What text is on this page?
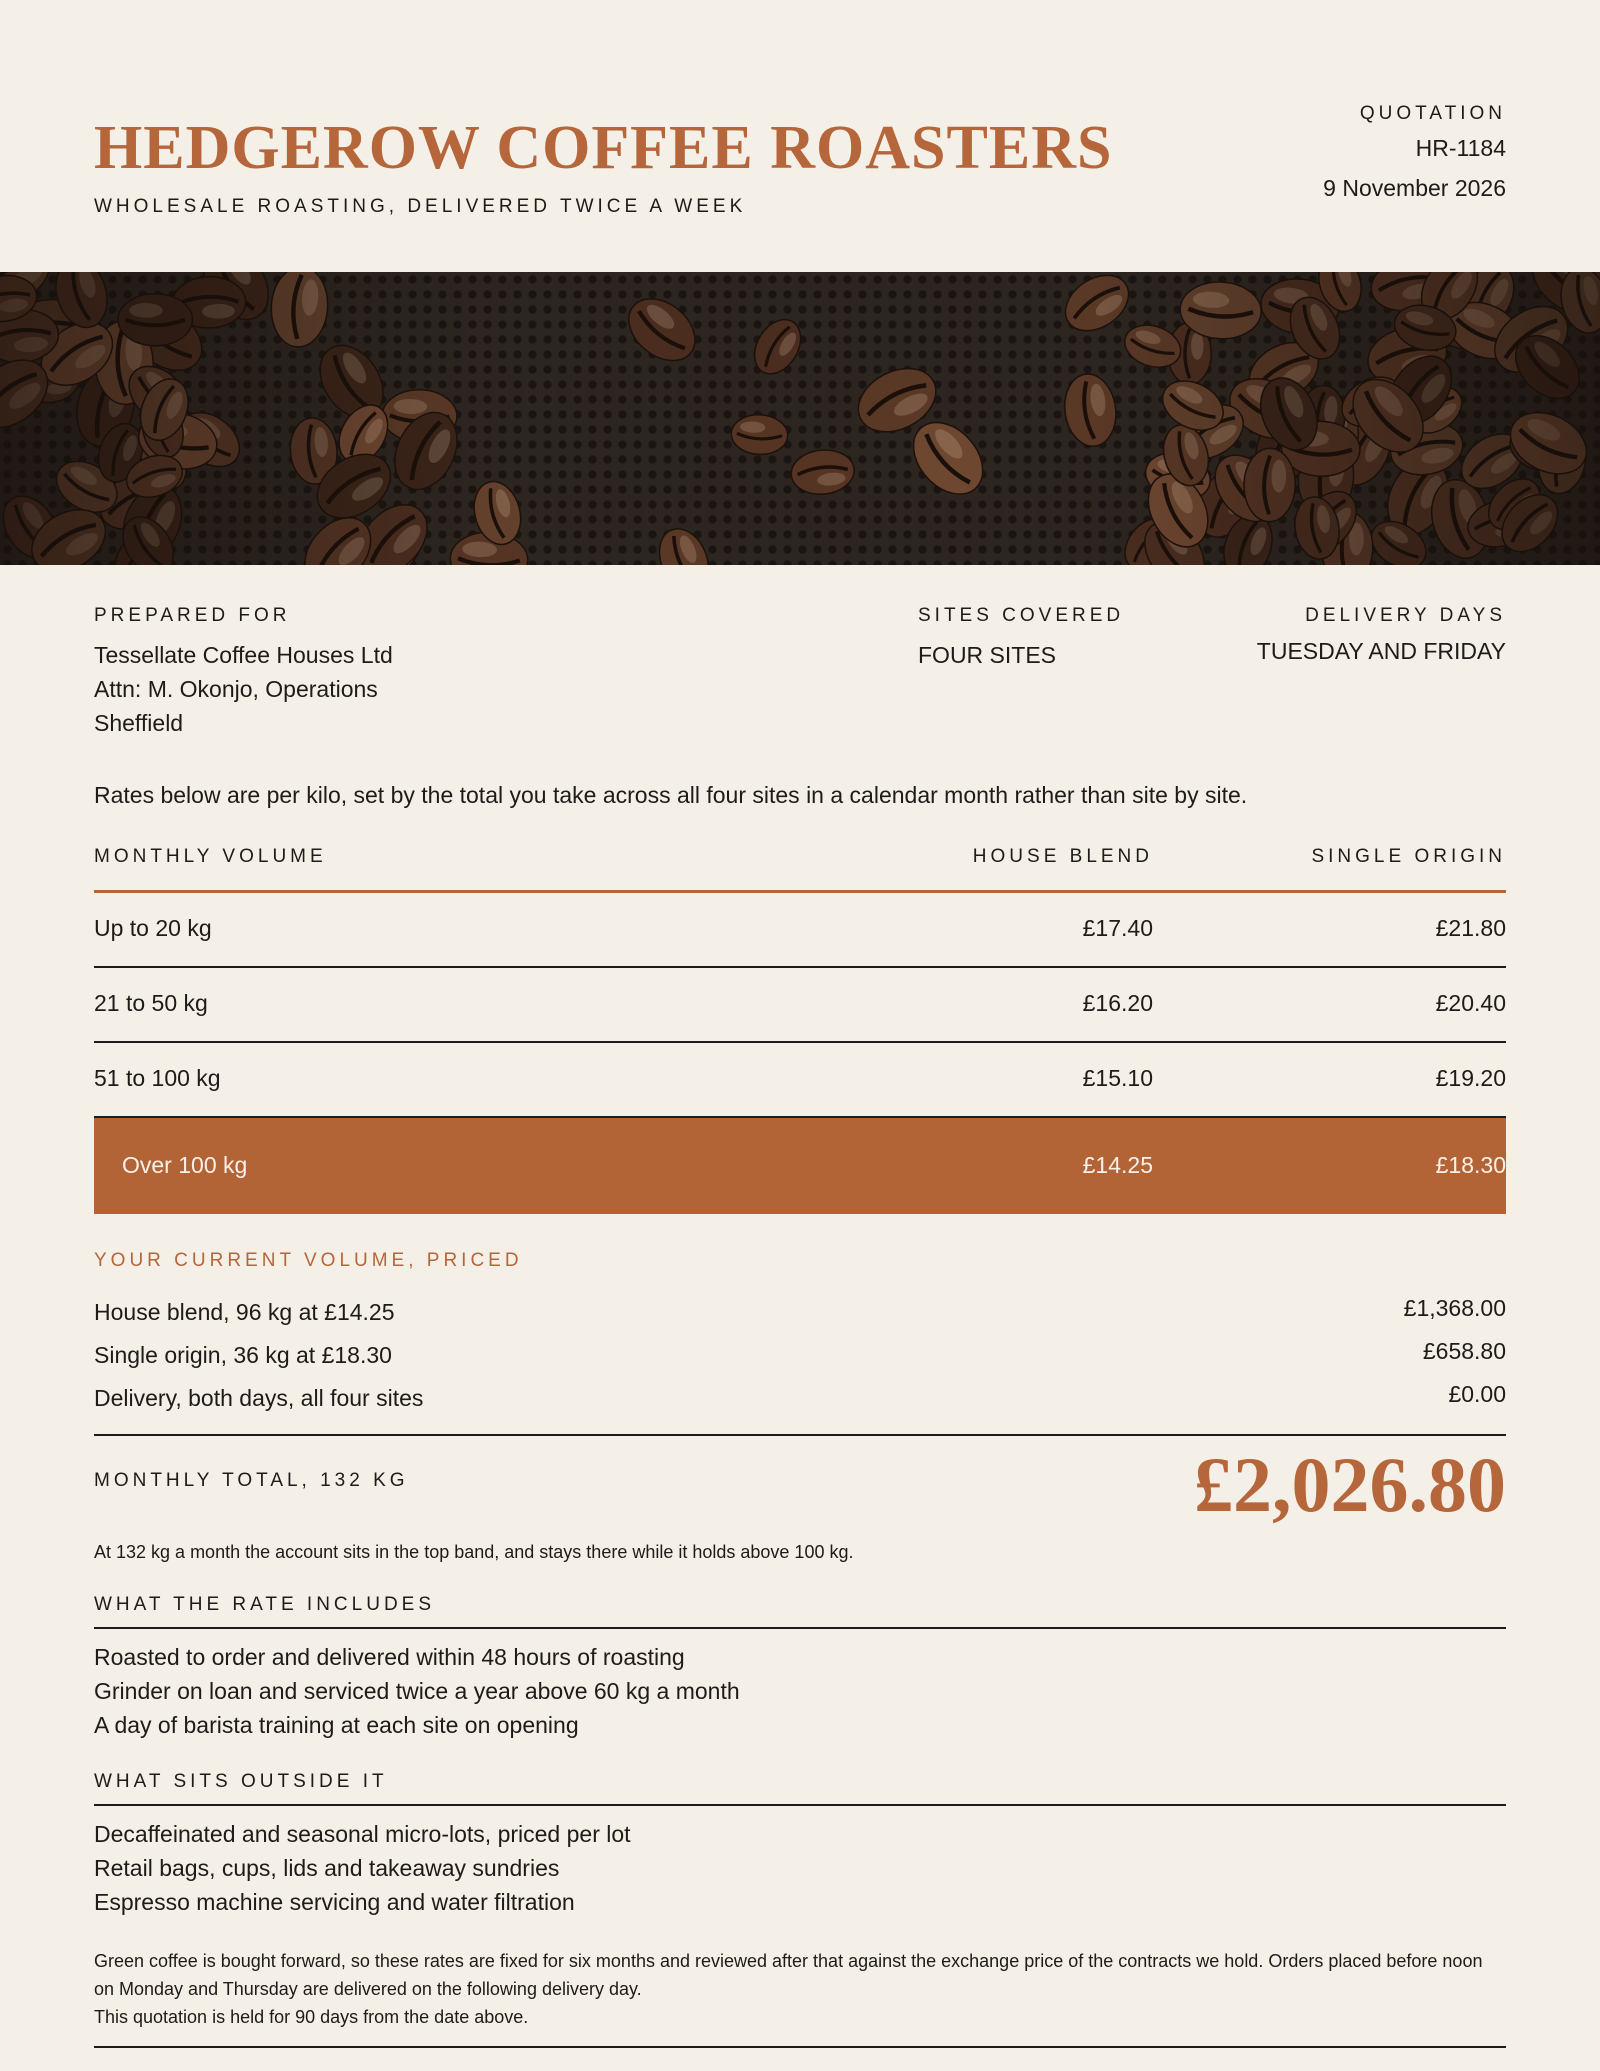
HEDGEROW COFFEE ROASTERS
WHOLESALE ROASTING, DELIVERED TWICE A WEEK
QUOTATION
HR-1184
9 November 2026
PREPARED FOR
Tessellate Coffee Houses Ltd
Attn: M. Okonjo, Operations
Sheffield
SITES COVERED
FOUR SITES
DELIVERY DAYS
TUESDAY AND FRIDAY
Rates below are per kilo, set by the total you take across all four sites in a calendar month rather than site by site.
MONTHLY VOLUME	HOUSE BLEND	SINGLE ORIGIN
Up to 20 kg	£17.40	£21.80
21 to 50 kg	£16.20	£20.40
51 to 100 kg	£15.10	£19.20
Over 100 kg	£14.25	£18.30
YOUR CURRENT VOLUME, PRICED
House blend, 96 kg at £14.25	£1,368.00
Single origin, 36 kg at £18.30	£658.80
Delivery, both days, all four sites	£0.00
MONTHLY TOTAL, 132 KG	£2,026.80
At 132 kg a month the account sits in the top band, and stays there while it holds above 100 kg.
WHAT THE RATE INCLUDES
Roasted to order and delivered within 48 hours of roasting
Grinder on loan and serviced twice a year above 60 kg a month
A day of barista training at each site on opening
WHAT SITS OUTSIDE IT
Decaffeinated and seasonal micro-lots, priced per lot
Retail bags, cups, lids and takeaway sundries
Espresso machine servicing and water filtration
Green coffee is bought forward, so these rates are fixed for six months and reviewed after that against the exchange price of the contracts we hold. Orders placed before noon on Monday and Thursday are delivered on the following delivery day.
This quotation is held for 90 days from the date above.
